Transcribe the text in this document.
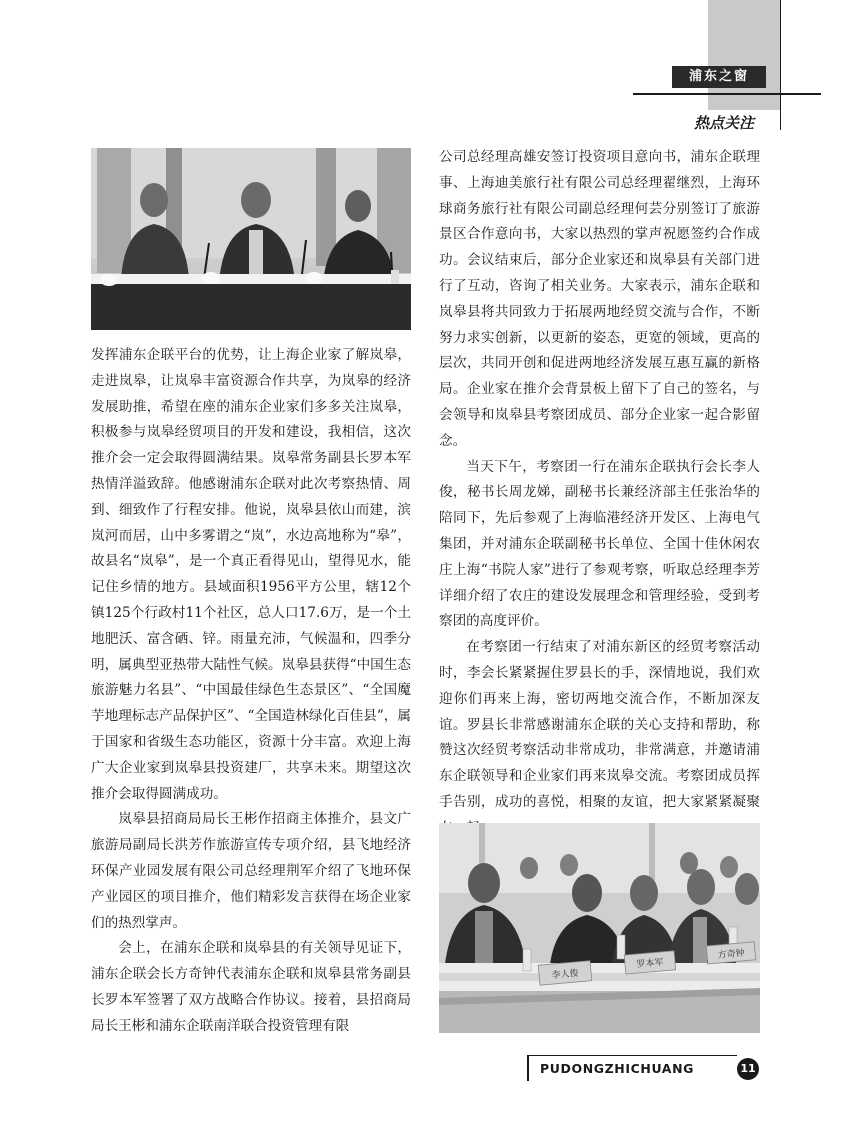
浦东之窗
热点关注

发挥浦东企联平台的优势，让上海企业家了解岚皋，走进岚皋，让岚皋丰富资源合作共享，为岚皋的经济发展助推，希望在座的浦东企业家们多多关注岚皋，积极参与岚皋经贸项目的开发和建设，我相信，这次推介会一定会取得圆满结果。岚皋常务副县长罗本军热情洋溢致辞。他感谢浦东企联对此次考察热情、周到、细致作了行程安排。他说，岚皋县依山而建，滨岚河而居，山中多雾谓之“岚”，水边高地称为“皋”，故县名“岚皋”，是一个真正看得见山，望得见水，能记住乡情的地方。县域面积1956平方公里，辖12个镇125个行政村11个社区，总人口17.6万，是一个土地肥沃、富含硒、锌。雨量充沛，气候温和，四季分明，属典型亚热带大陆性气候。岚皋县获得“中国生态旅游魅力名县”、“中国最佳绿色生态景区”、“全国魔芋地理标志产品保护区”、“全国造林绿化百佳县”，属于国家和省级生态功能区，资源十分丰富。欢迎上海广大企业家到岚皋县投资建厂，共享未来。期望这次推介会取得圆满成功。

岚皋县招商局局长王彬作招商主体推介，县文广旅游局副局长洪芳作旅游宣传专项介绍，县飞地经济环保产业园发展有限公司总经理荆军介绍了飞地环保产业园区的项目推介，他们精彩发言获得在场企业家们的热烈掌声。

会上，在浦东企联和岚皋县的有关领导见证下，浦东企联会长方奇钟代表浦东企联和岚皋县常务副县长罗本军签署了双方战略合作协议。接着，县招商局局长王彬和浦东企联南洋联合投资管理有限

公司总经理高雄安签订投资项目意向书，浦东企联理事、上海迪美旅行社有限公司总经理翟继烈，上海环球商务旅行社有限公司副总经理何芸分别签订了旅游景区合作意向书，大家以热烈的掌声祝愿签约合作成功。会议结束后，部分企业家还和岚皋县有关部门进行了互动，咨询了相关业务。大家表示，浦东企联和岚皋县将共同致力于拓展两地经贸交流与合作，不断努力求实创新，以更新的姿态，更宽的领域，更高的层次，共同开创和促进两地经济发展互惠互赢的新格局。企业家在推介会背景板上留下了自己的签名，与会领导和岚皋县考察团成员、部分企业家一起合影留念。

当天下午，考察团一行在浦东企联执行会长李人俊，秘书长周龙娣，副秘书长兼经济部主任张治华的陪同下，先后参观了上海临港经济开发区、上海电气集团，并对浦东企联副秘书长单位、全国十佳休闲农庄上海“书院人家”进行了参观考察，听取总经理李芳详细介绍了农庄的建设发展理念和管理经验，受到考察团的高度评价。

在考察团一行结束了对浦东新区的经贸考察活动时，李会长紧紧握住罗县长的手，深情地说，我们欢迎你们再来上海，密切两地交流合作，不断加深友谊。罗县长非常感谢浦东企联的关心支持和帮助，称赞这次经贸考察活动非常成功，非常满意，并邀请浦东企联领导和企业家们再来岚皋交流。考察团成员挥手告别，成功的喜悦，相聚的友谊，把大家紧紧凝聚

李人俊
罗本军
方奇钟
PUDONGZHICHUANG	11
